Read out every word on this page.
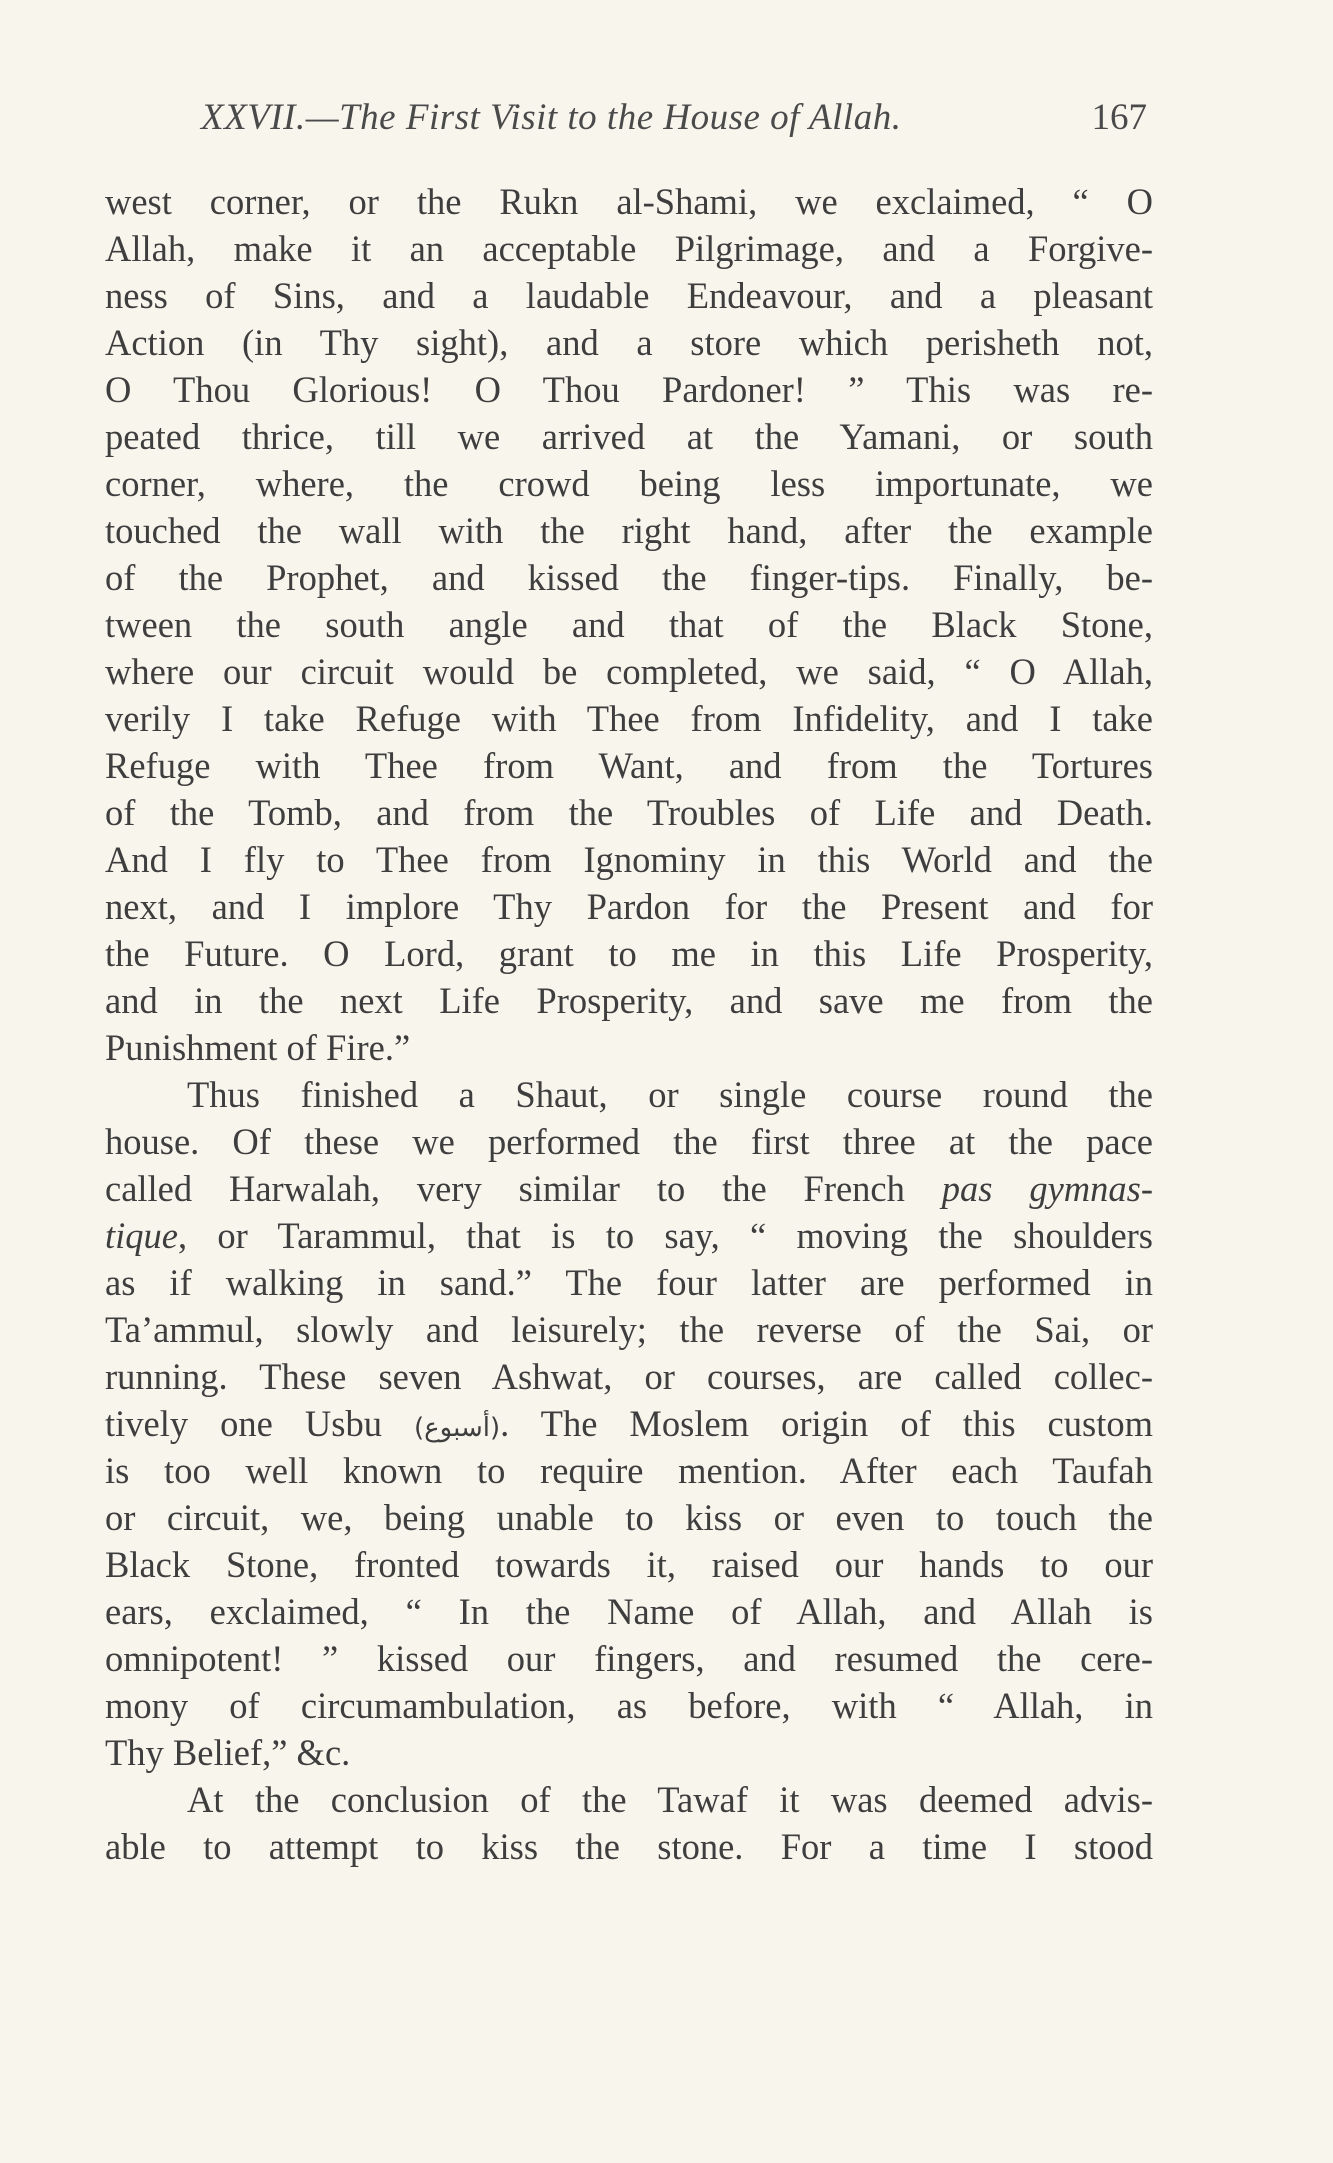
XXVII.—The First Visit to the House of Allah.	167
west corner, or the Rukn al-Shami, we exclaimed, “ O
Allah, make it an acceptable Pilgrimage, and a Forgive-
ness of Sins, and a laudable Endeavour, and a pleasant
Action (in Thy sight), and a store which perisheth not,
O Thou Glorious! O Thou Pardoner! ” This was re-
peated thrice, till we arrived at the Yamani, or south
corner, where, the crowd being less importunate, we
touched the wall with the right hand, after the example
of the Prophet, and kissed the finger-tips. Finally, be-
tween the south angle and that of the Black Stone,
where our circuit would be completed, we said, “ O Allah,
verily I take Refuge with Thee from Infidelity, and I take
Refuge with Thee from Want, and from the Tortures
of the Tomb, and from the Troubles of Life and Death.
And I fly to Thee from Ignominy in this World and the
next, and I implore Thy Pardon for the Present and for
the Future. O Lord, grant to me in this Life Prosperity,
and in the next Life Prosperity, and save me from the
Punishment of Fire.”
Thus finished a Shaut, or single course round the
house. Of these we performed the first three at the pace
called Harwalah, very similar to the French pas gymnas-
tique, or Tarammul, that is to say, “ moving the shoulders
as if walking in sand.” The four latter are performed in
Ta’ammul, slowly and leisurely; the reverse of the Sai, or
running. These seven Ashwat, or courses, are called collec-
tively one Usbu (أسبوع). The Moslem origin of this custom
is too well known to require mention. After each Taufah
or circuit, we, being unable to kiss or even to touch the
Black Stone, fronted towards it, raised our hands to our
ears, exclaimed, “ In the Name of Allah, and Allah is
omnipotent! ” kissed our fingers, and resumed the cere-
mony of circumambulation, as before, with “ Allah, in
Thy Belief,” &c.
At the conclusion of the Tawaf it was deemed advis-
able to attempt to kiss the stone. For a time I stood
